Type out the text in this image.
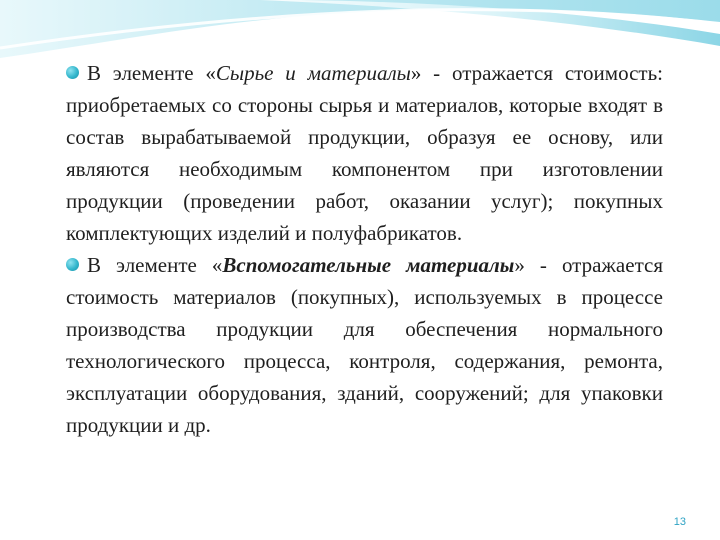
В элементе «Сырье и материалы» - отражается стоимость: приобретаемых со стороны сырья и материалов, которые входят в состав вырабатываемой продукции, образуя ее основу, или являются необходимым компонентом при изготовлении продукции (проведении работ, оказании услуг); покупных комплектующих изделий и полуфабрикатов.

В элементе «Вспомогательные материалы» - отражается стоимость материалов (покупных), используемых в процессе производства продукции для обеспечения нормального технологического процесса, контроля, содержания, ремонта, эксплуатации оборудования, зданий, сооружений; для упаковки продукции и др.

13
